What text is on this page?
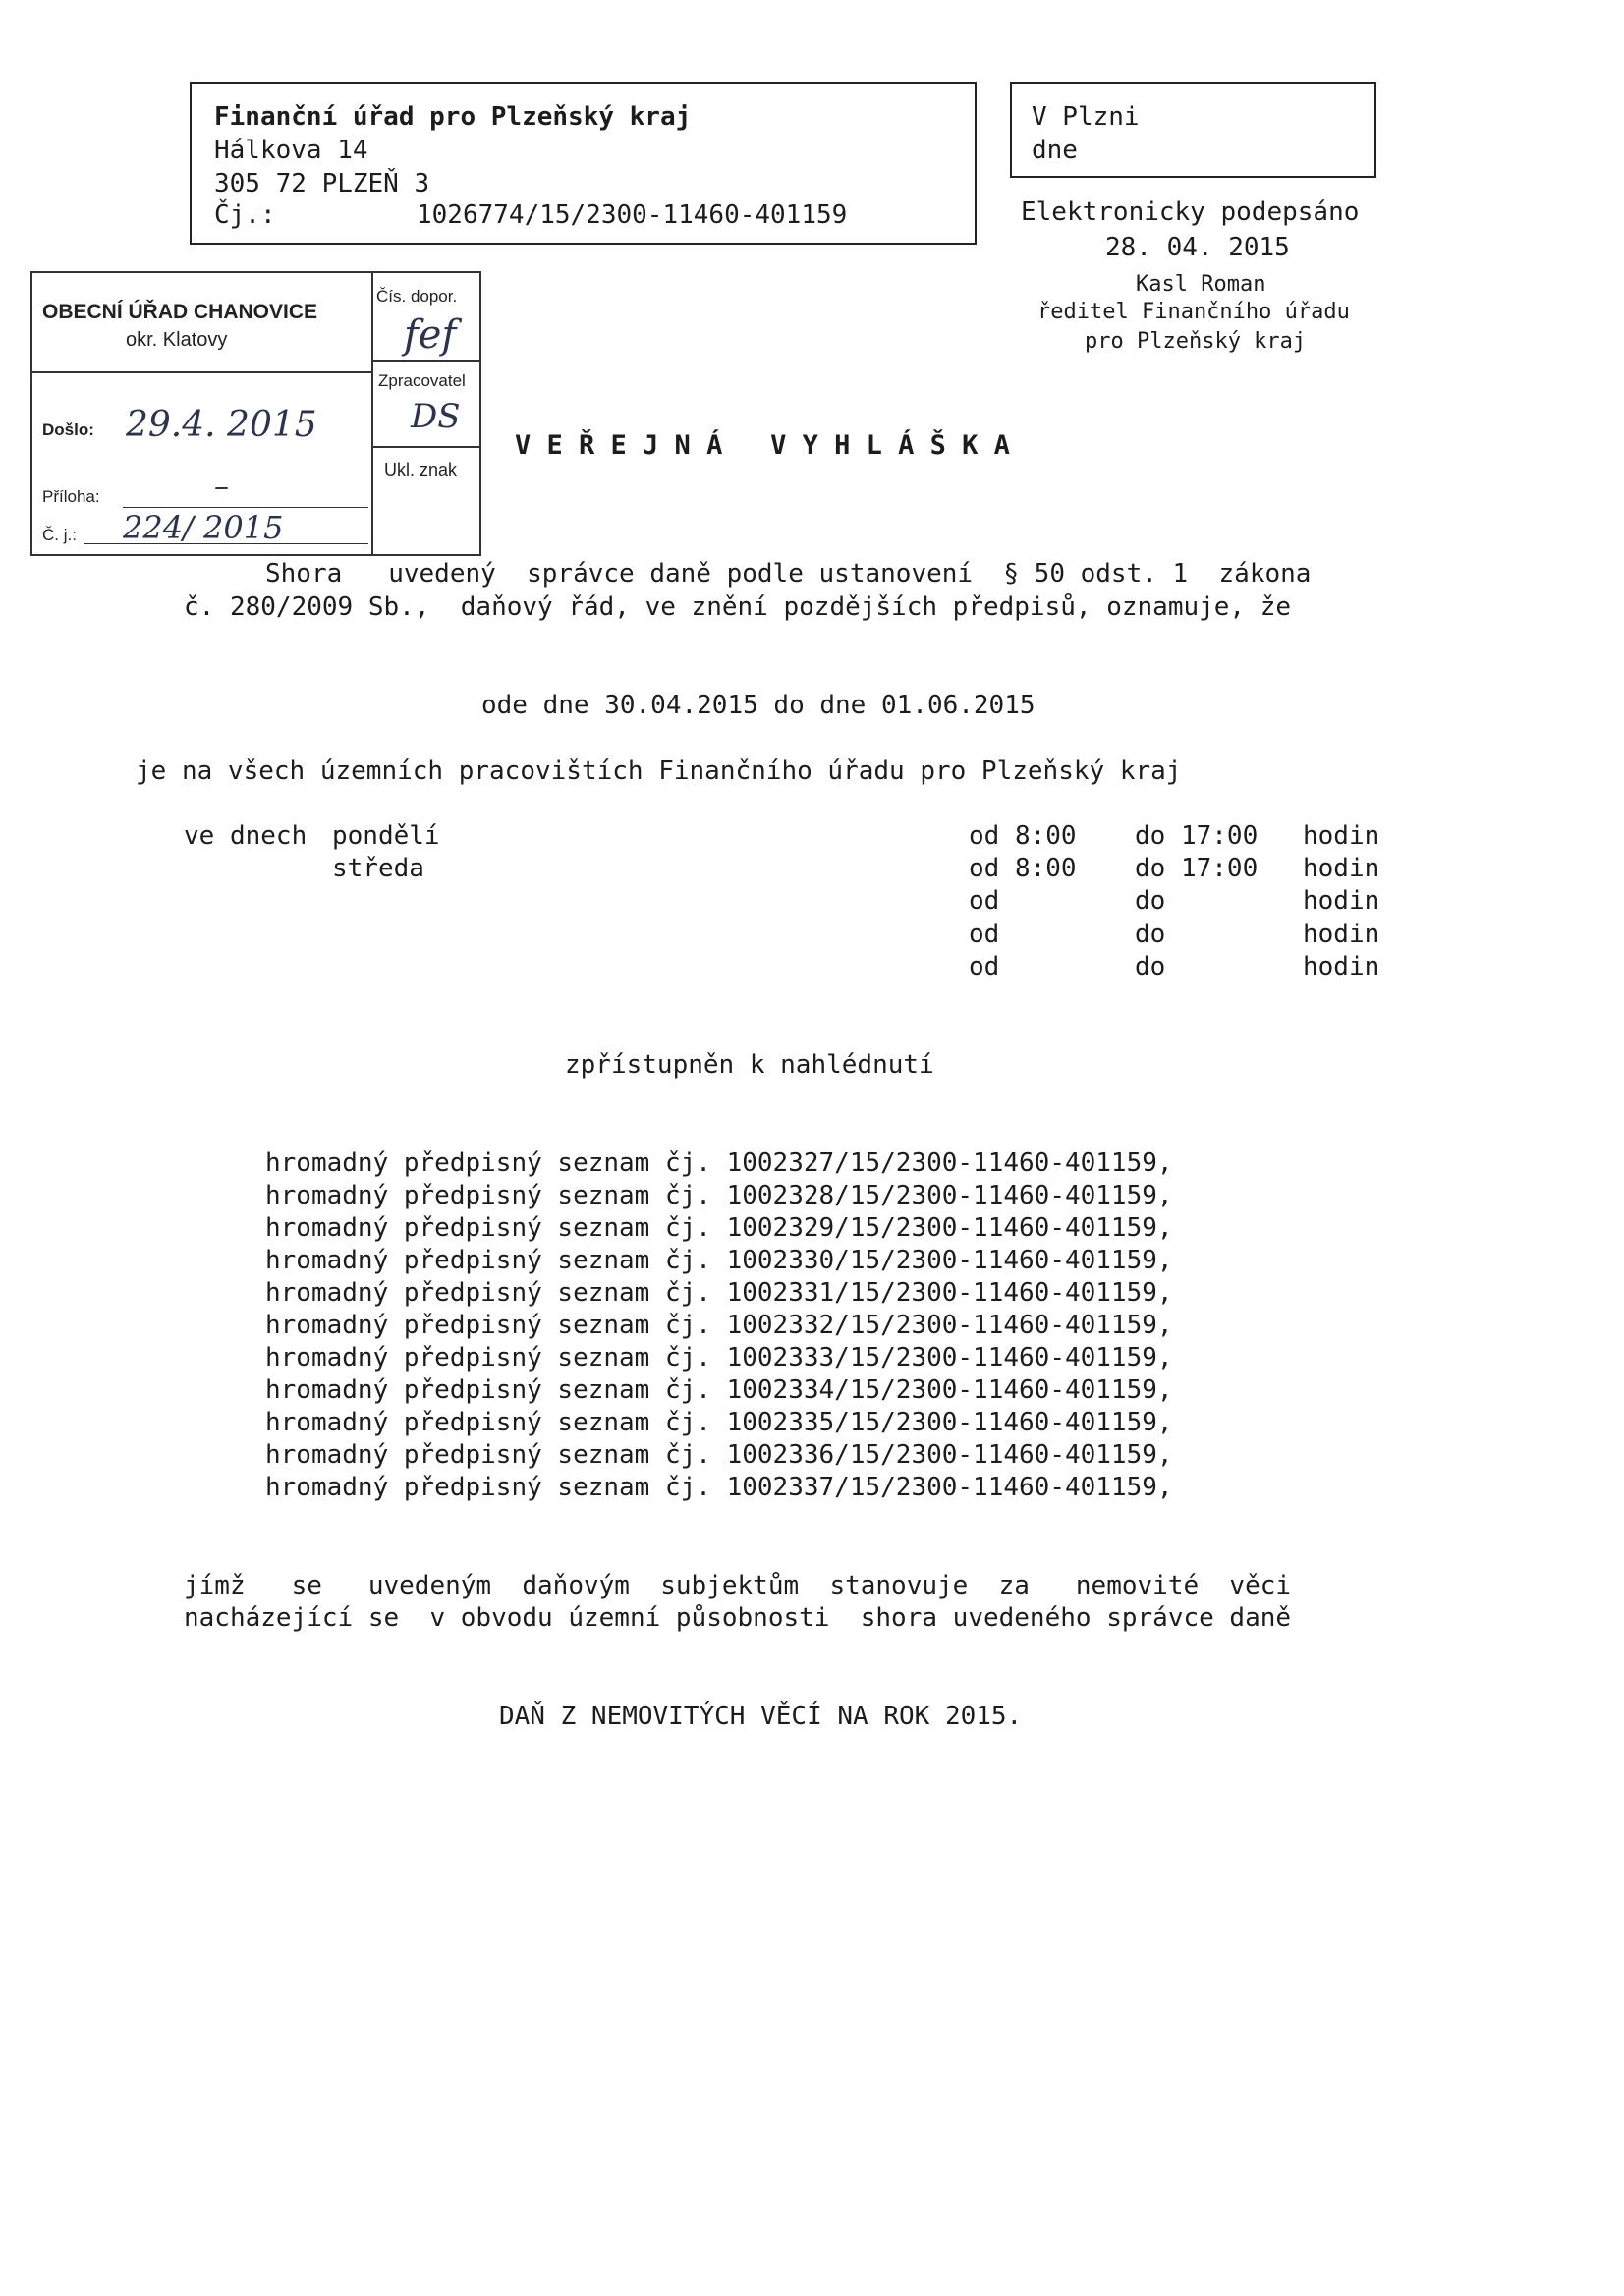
Finanční úřad pro Plzeňský kraj
Hálkova 14
305 72 PLZEŇ 3
Čj.:	1026774/15/2300-11460-401159
V Plzni
dne
Elektronicky podepsáno
28. 04. 2015
Kasl Roman
ředitel Finančního úřadu
pro Plzeňský kraj
OBECNÍ ÚŘAD CHANOVICE
okr. Klatovy
Čís. dopor.
fef
Zpracovatel
DS
Ukl. znak
Došlo: 29.4. 2015
Příloha:	–
Č. j.: 224/ 2015
V E Ř E J N Á   V Y H L Á Š K A
Shora   uvedený  správce daně podle ustanovení  § 50 odst. 1  zákona
č. 280/2009 Sb.,  daňový řád, ve znění pozdějších předpisů, oznamuje, že
ode dne 30.04.2015 do dne 01.06.2015
je na všech územních pracovištích Finančního úřadu pro Plzeňský kraj
ve dnech pondělí	od 8:00 do 17:00 hodin
středa	od 8:00 do 17:00 hodin
od	do	hodin
od	do	hodin
od	do	hodin
zpřístupněn k nahlédnutí
hromadný předpisný seznam čj. 1002327/15/2300-11460-401159,
hromadný předpisný seznam čj. 1002328/15/2300-11460-401159,
hromadný předpisný seznam čj. 1002329/15/2300-11460-401159,
hromadný předpisný seznam čj. 1002330/15/2300-11460-401159,
hromadný předpisný seznam čj. 1002331/15/2300-11460-401159,
hromadný předpisný seznam čj. 1002332/15/2300-11460-401159,
hromadný předpisný seznam čj. 1002333/15/2300-11460-401159,
hromadný předpisný seznam čj. 1002334/15/2300-11460-401159,
hromadný předpisný seznam čj. 1002335/15/2300-11460-401159,
hromadný předpisný seznam čj. 1002336/15/2300-11460-401159,
hromadný předpisný seznam čj. 1002337/15/2300-11460-401159,
jímž   se   uvedeným  daňovým  subjektům  stanovuje  za   nemovité  věci
nacházející se  v obvodu územní působnosti  shora uvedeného správce daně
DAŇ Z NEMOVITÝCH VĚCÍ NA ROK 2015.
